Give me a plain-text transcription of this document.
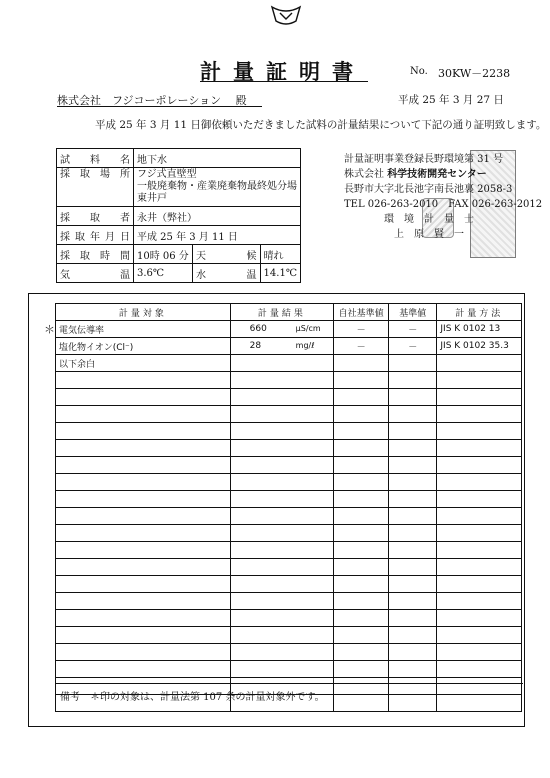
計量証明書	No. 30KW－2238
株式会社　フジコーポレーション　 殿	平成 25 年 3 月 27 日
平成 25 年 3 月 11 日御依頼いただきました試料の計量結果について下記の通り証明致します。
試　料　名	地下水		
採　取　場　所	フジ式直壁型
一般廃棄物・産業廃棄物最終処分場
東井戸		

採　取　者	永井（弊社）		
採取年月日	平成 25 年 3 月 11 日		
採　取　時　間	10時 06 分	天　　候	晴れ
気　　温	3.6℃	水　　温	14.1℃
計量証明事業登録長野環境第 31 号
株式会社 科学技術開発センター
長野市大字北長池字南長池裏 2058-3
TEL 026-263-2010　FAX 026-263-2012
環　境　計　量　士
上　原　賢　一
計量対象	計量結果	自社基準値	基準値	計量方法
電気伝導率	660 μS/cm	－	－	JIS K 0102 13
塩化物イオン(Cl⁻)	28 mg/ℓ	－	－	JIS K 0102 35.3
以下余白				

＊
備考　＊印の対象は、計量法第 107 条の計量対象外です。
